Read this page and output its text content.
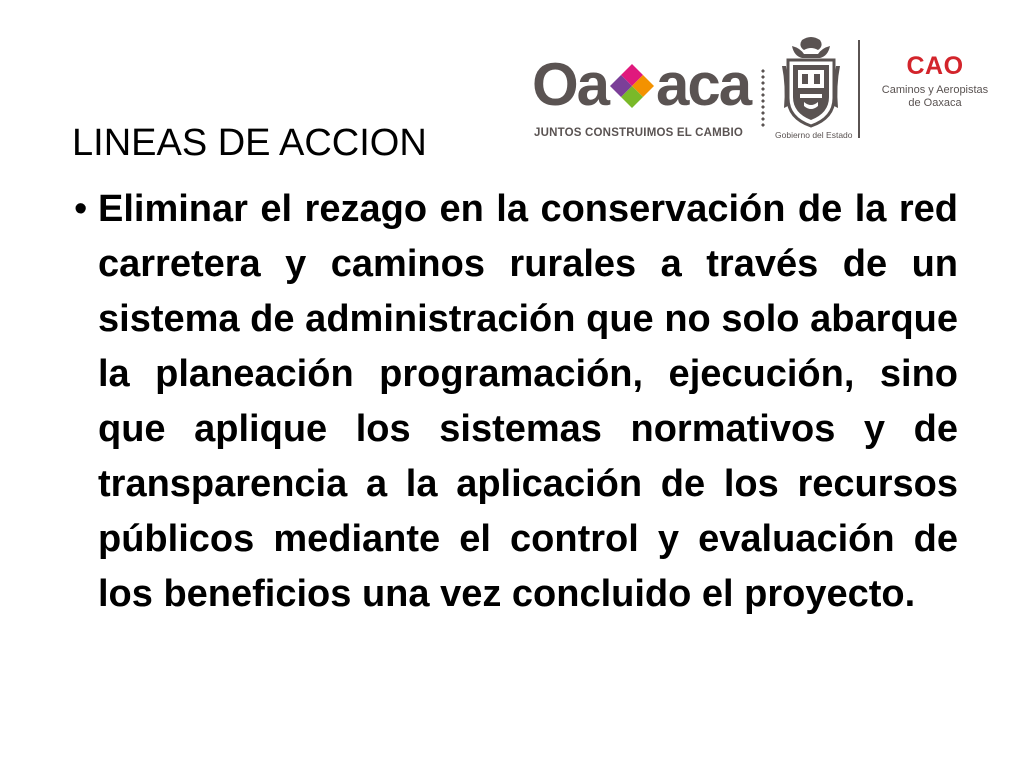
Oa aca
JUNTOS CONSTRUIMOS EL CAMBIO	Gobierno del Estado
CAO
Caminos y Aeropistas
de Oaxaca
LINEAS DE ACCION
• Eliminar el rezago en la conservación de la red carretera y caminos rurales a través de un sistema de administración que no solo abarque la planeación programación, ejecución, sino que aplique los sistemas normativos y de transparencia a la aplicación de los recursos públicos mediante el control y evaluación de los beneficios una vez concluido el proyecto.
